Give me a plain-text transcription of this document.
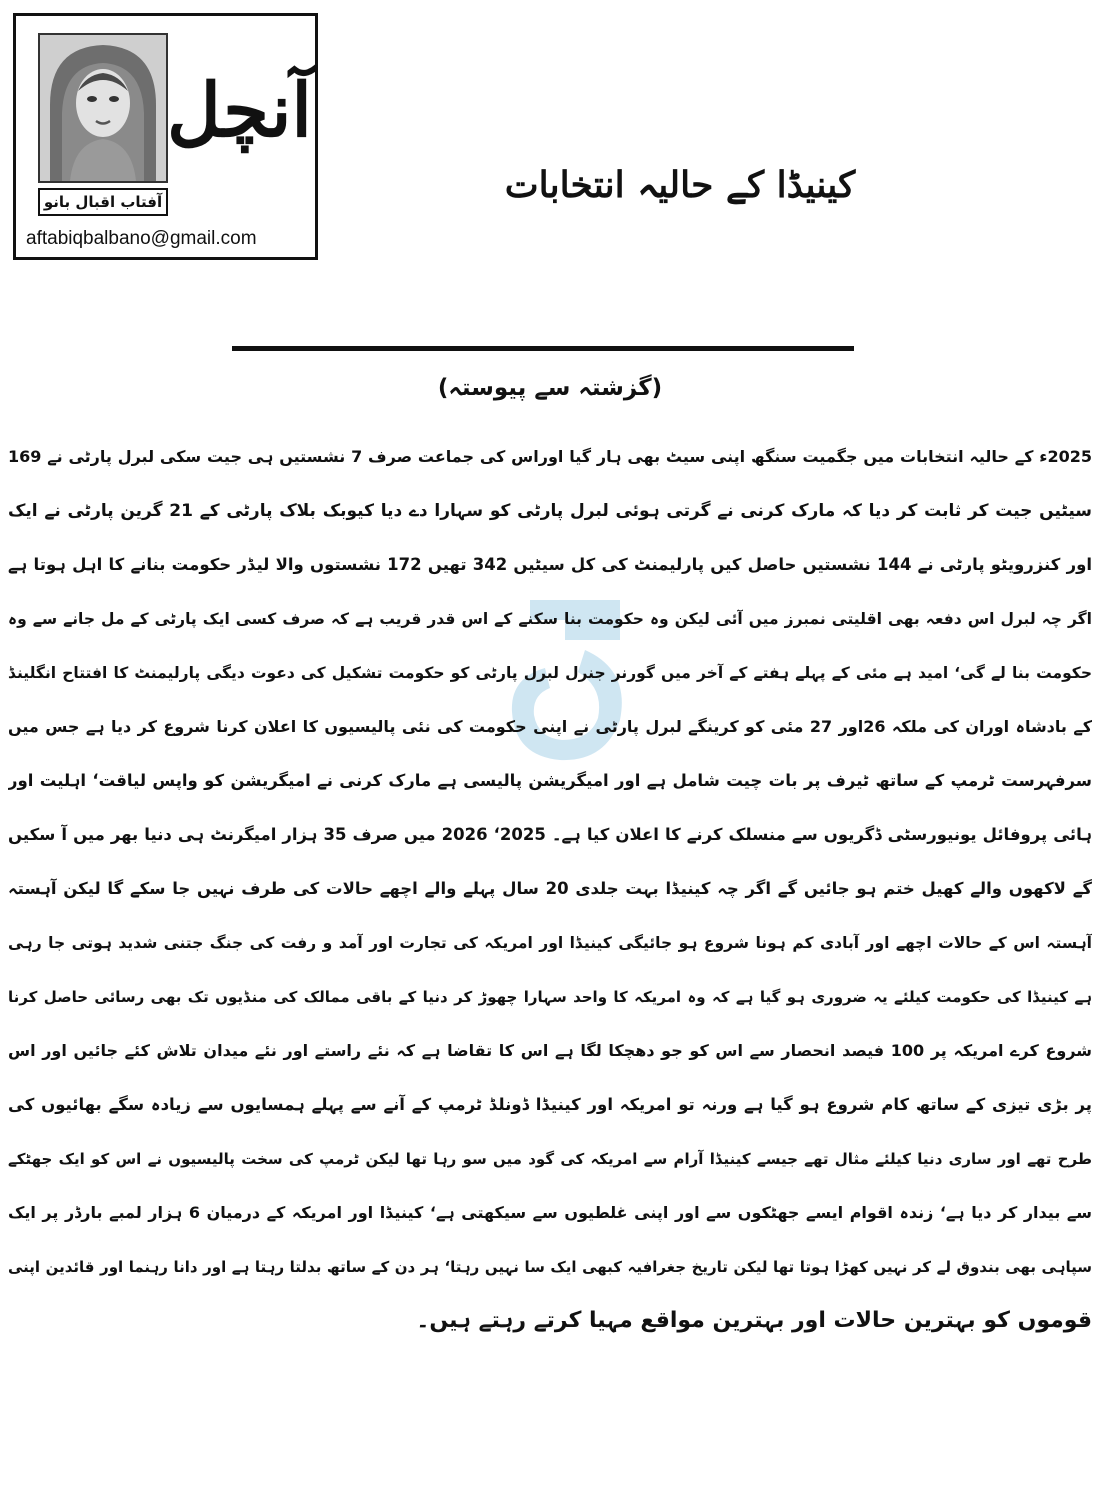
آنچل
آفتاب اقبال بانو
aftabiqbalbano@gmail.com
کینیڈا کے حالیہ انتخابات
(گزشتہ سے پیوستہ)

2025ء کے حالیہ انتخابات میں جگمیت سنگھ اپنی سیٹ بھی ہار گیا اوراس کی جماعت صرف 7 نشستیں ہی جیت سکی لبرل پارٹی نے 169

سیٹیں جیت کر ثابت کر دیا کہ مارک کرنی نے گرتی ہوئی لبرل پارٹی کو سہارا دے دیا کیوبک بلاک پارٹی کے 21 گرین پارٹی نے ایک

اور کنزرویٹو پارٹی نے 144 نشستیں حاصل کیں پارلیمنٹ کی کل سیٹیں 342 تھیں 172 نشستوں والا لیڈر حکومت بنانے کا اہل ہوتا ہے

اگر چہ لبرل اس دفعہ بھی اقلیتی نمبرز میں آئی لیکن وہ حکومت بنا سکنے کے اس قدر قریب ہے کہ صرف کسی ایک پارٹی کے مل جانے سے وہ

حکومت بنا لے گی‘ امید ہے مئی کے پہلے ہفتے کے آخر میں گورنر جنرل لبرل پارٹی کو حکومت تشکیل کی دعوت دیگی پارلیمنٹ کا افتتاح انگلینڈ

کے بادشاہ اوران کی ملکہ 26اور 27 مئی کو کرینگے لبرل پارٹی نے اپنی حکومت کی نئی پالیسیوں کا اعلان کرنا شروع کر دیا ہے جس میں

سرفہرست ٹرمپ کے ساتھ ٹیرف پر بات چیت شامل ہے اور امیگریشن پالیسی ہے مارک کرنی نے امیگریشن کو واپس لیاقت‘ اہلیت اور

ہائی پروفائل یونیورسٹی ڈگریوں سے منسلک کرنے کا اعلان کیا ہے۔ 2025‘ 2026 میں صرف 35 ہزار امیگرنٹ ہی دنیا بھر میں آ سکیں

گے لاکھوں والے کھیل ختم ہو جائیں گے اگر چہ کینیڈا بہت جلدی 20 سال پہلے والے اچھے حالات کی طرف نہیں جا سکے گا لیکن آہستہ

آہستہ اس کے حالات اچھے اور آبادی کم ہونا شروع ہو جائیگی کینیڈا اور امریکہ کی تجارت اور آمد و رفت کی جنگ جتنی شدید ہوتی جا رہی

ہے کینیڈا کی حکومت کیلئے یہ ضروری ہو گیا ہے کہ وہ امریکہ کا واحد سہارا چھوڑ کر دنیا کے باقی ممالک کی منڈیوں تک بھی رسائی حاصل کرنا

شروع کرے امریکہ پر 100 فیصد انحصار سے اس کو جو دھچکا لگا ہے اس کا تقاضا ہے کہ نئے راستے اور نئے میدان تلاش کئے جائیں اور اس

پر بڑی تیزی کے ساتھ کام شروع ہو گیا ہے ورنہ تو امریکہ اور کینیڈا ڈونلڈ ٹرمپ کے آنے سے پہلے ہمسایوں سے زیادہ سگے بھائیوں کی

طرح تھے اور ساری دنیا کیلئے مثال تھے جیسے کینیڈا آرام سے امریکہ کی گود میں سو رہا تھا لیکن ٹرمپ کی سخت پالیسیوں نے اس کو ایک جھٹکے

سے بیدار کر دیا ہے‘ زندہ اقوام ایسے جھٹکوں سے اور اپنی غلطیوں سے سیکھتی ہے‘ کینیڈا اور امریکہ کے درمیان 6 ہزار لمبے بارڈر پر ایک

سپاہی بھی بندوق لے کر نہیں کھڑا ہوتا تھا لیکن تاریخ جغرافیہ کبھی ایک سا نہیں رہتا‘ ہر دن کے ساتھ بدلتا رہتا ہے اور دانا رہنما اور قائدین اپنی

قوموں کو بہترین حالات اور بہترین مواقع مہیا کرتے رہتے ہیں۔
